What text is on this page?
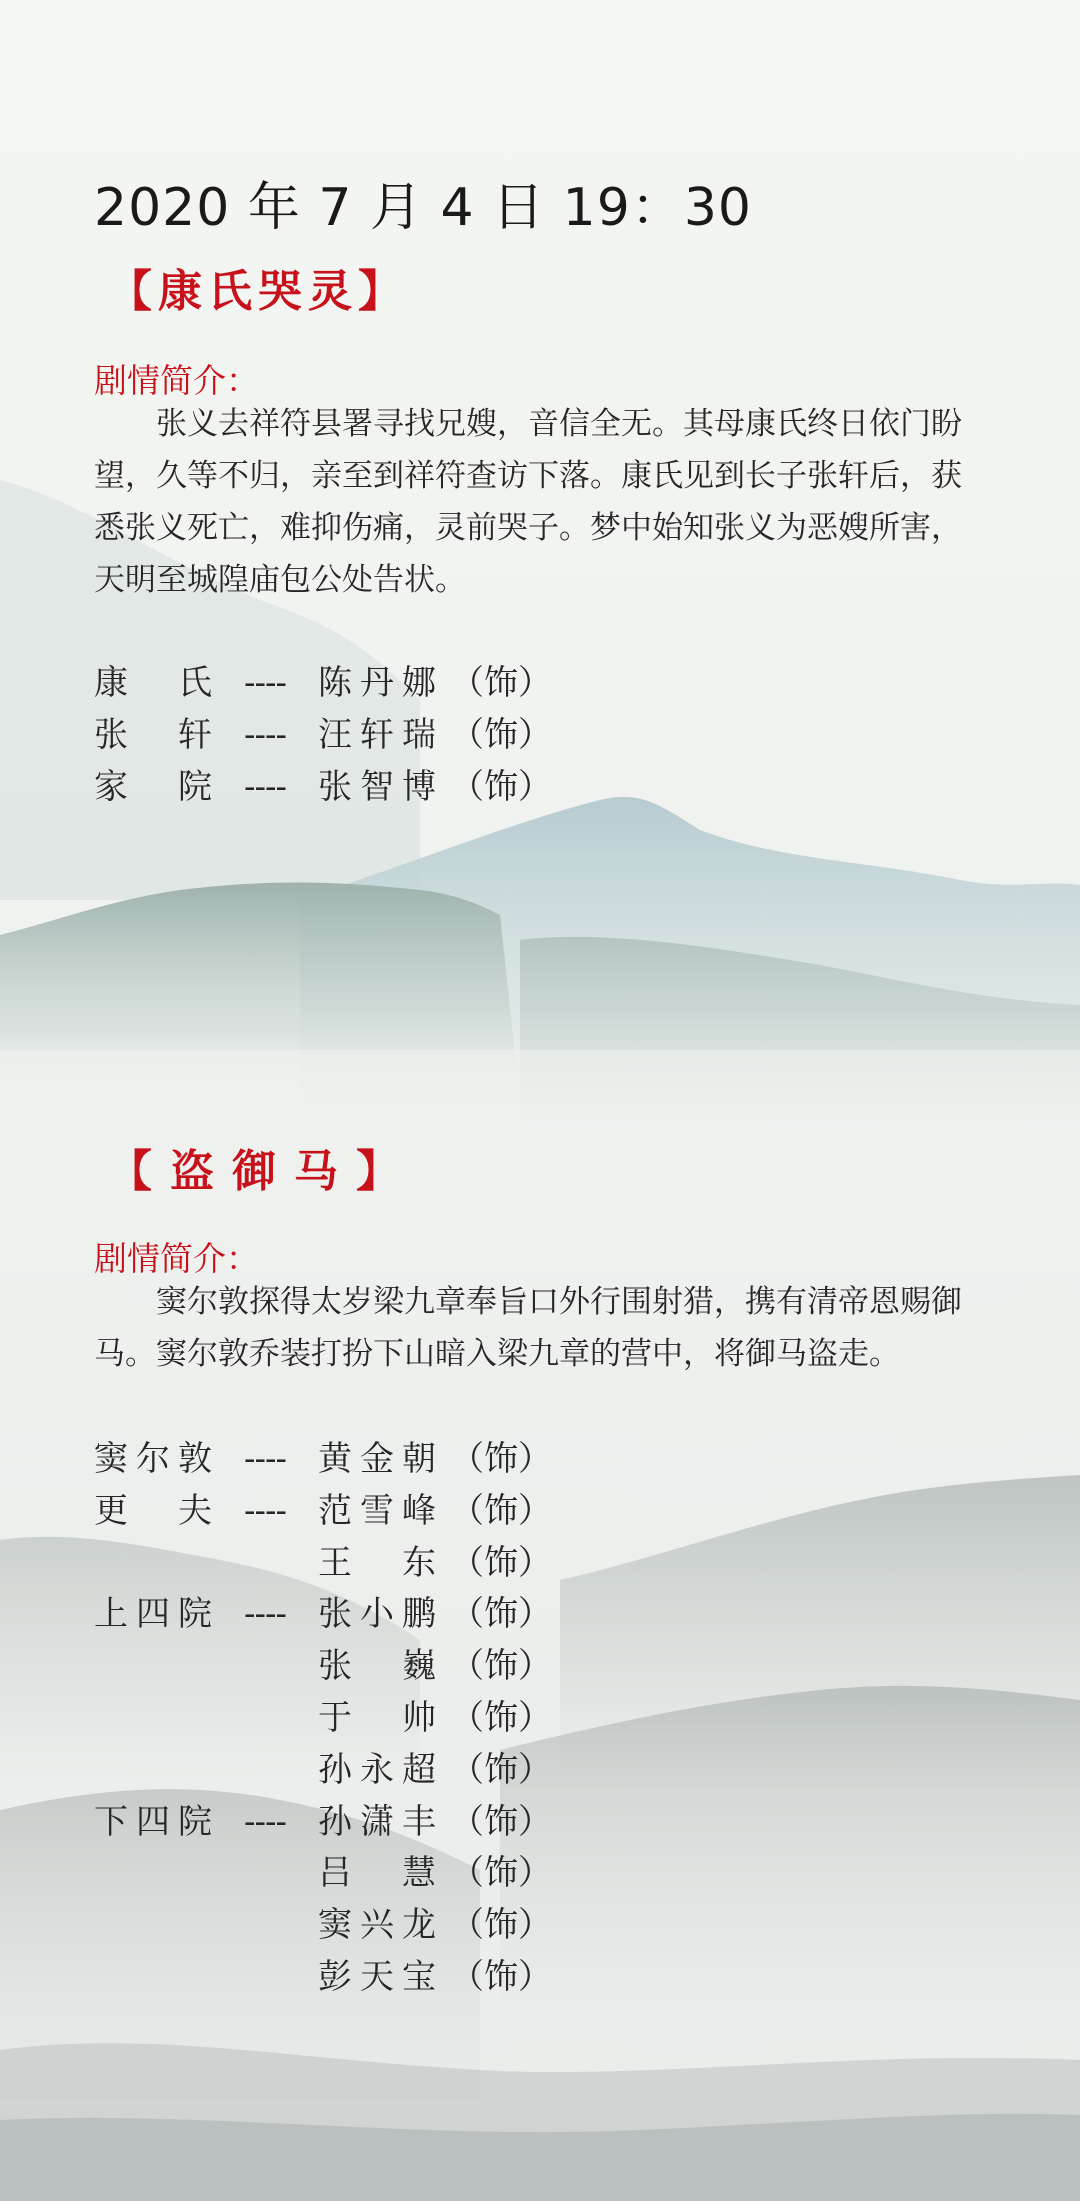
2020 年 7 月 4 日 19：30
【康氏哭灵】
剧情简介：

张义去祥符县署寻找兄嫂，音信全无。其母康氏终日依门盼望，久等不归，亲至到祥符查访下落。康氏见到长子张轩后，获悉张义死亡，难抑伤痛，灵前哭子。梦中始知张义为恶嫂所害，天明至城隍庙包公处告状。

康氏 ---- 陈丹娜 （饰）
张轩 ---- 汪轩瑞 （饰）
家院 ---- 张智博 （饰）
【盗御马】
剧情简介：

窦尔敦探得太岁梁九章奉旨口外行围射猎，携有清帝恩赐御马。窦尔敦乔装打扮下山暗入梁九章的营中，将御马盗走。

窦尔敦 ---- 黄金朝 （饰）
更夫 ---- 范雪峰 （饰）
王东 （饰）
上四院 ---- 张小鹏 （饰）
张巍 （饰）
于帅 （饰）
孙永超 （饰）
下四院 ---- 孙潇丰 （饰）
吕慧 （饰）
窦兴龙 （饰）
彭天宝 （饰）
